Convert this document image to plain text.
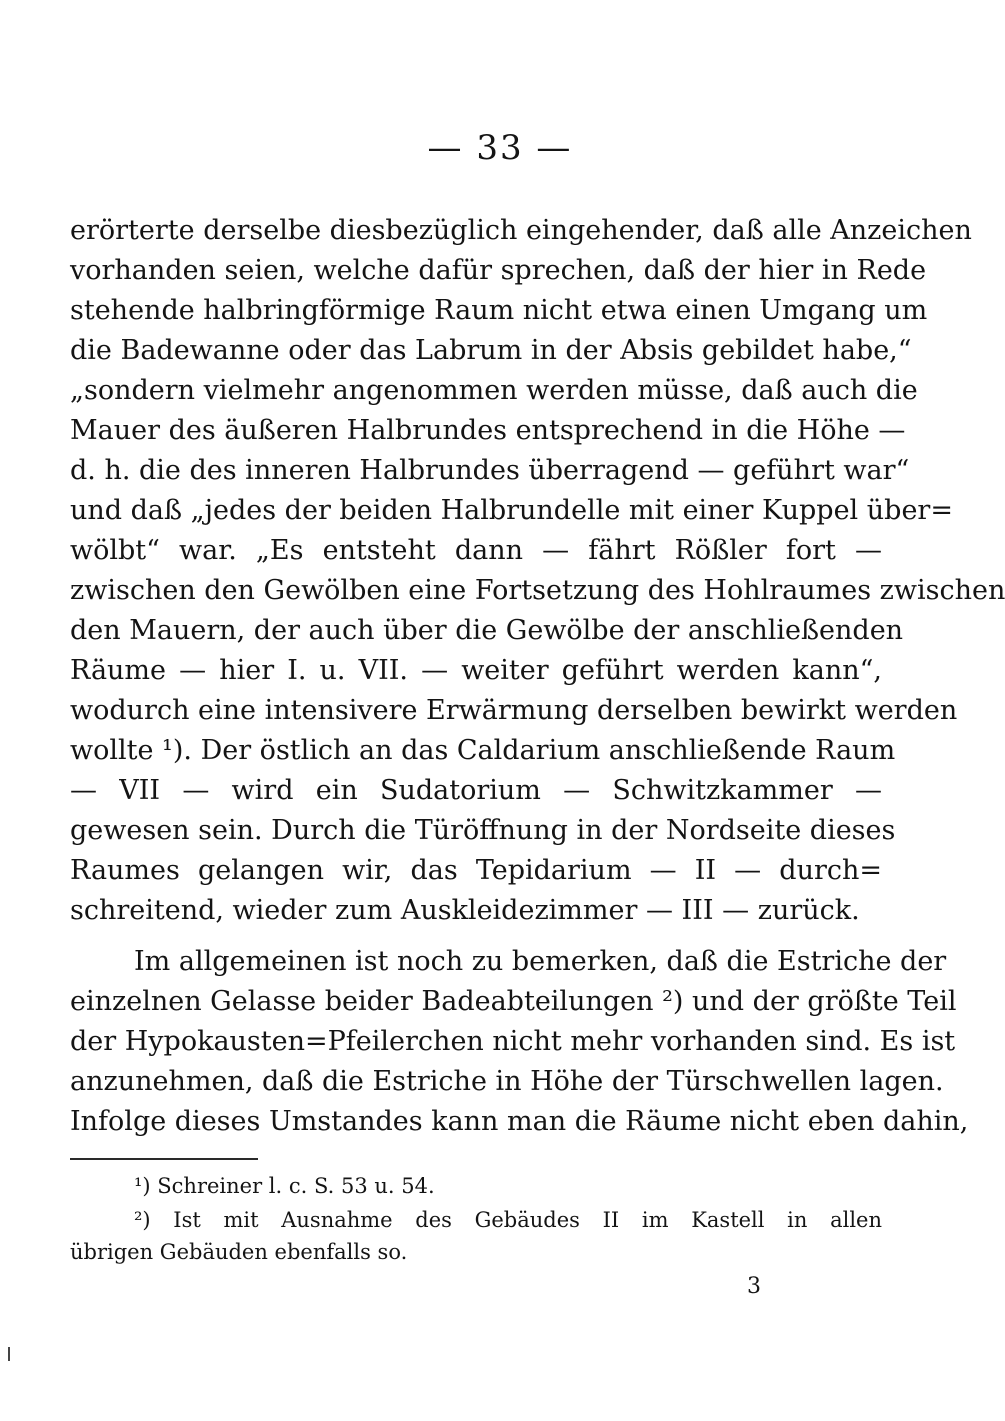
— 33 —
erörterte derselbe diesbezüglich eingehender, daß alle Anzeichen
vorhanden seien, welche dafür sprechen, daß der hier in Rede
stehende halbringförmige Raum nicht etwa einen Umgang um
die Badewanne oder das Labrum in der Absis gebildet habe,“
„sondern vielmehr angenommen werden müsse, daß auch die
Mauer des äußeren Halbrundes entsprechend in die Höhe —
d. h. die des inneren Halbrundes überragend — geführt war“
und daß „jedes der beiden Halbrundelle mit einer Kuppel über=
wölbt“ war. „Es entsteht dann — fährt Rößler fort —
zwischen den Gewölben eine Fortsetzung des Hohlraumes zwischen
den Mauern, der auch über die Gewölbe der anschließenden
Räume — hier I. u. VII. — weiter geführt werden kann“,
wodurch eine intensivere Erwärmung derselben bewirkt werden
wollte ¹). Der östlich an das Caldarium anschließende Raum
— VII — wird ein Sudatorium — Schwitzkammer —
gewesen sein. Durch die Türöffnung in der Nordseite dieses
Raumes gelangen wir, das Tepidarium — II — durch=
schreitend, wieder zum Auskleidezimmer — III — zurück.
Im allgemeinen ist noch zu bemerken, daß die Estriche der
einzelnen Gelasse beider Badeabteilungen ²) und der größte Teil
der Hypokausten=Pfeilerchen nicht mehr vorhanden sind. Es ist
anzunehmen, daß die Estriche in Höhe der Türschwellen lagen.
Infolge dieses Umstandes kann man die Räume nicht eben dahin,
¹) Schreiner l. c. S. 53 u. 54.
²) Ist mit Ausnahme des Gebäudes II im Kastell in allen
übrigen Gebäuden ebenfalls so.
3
